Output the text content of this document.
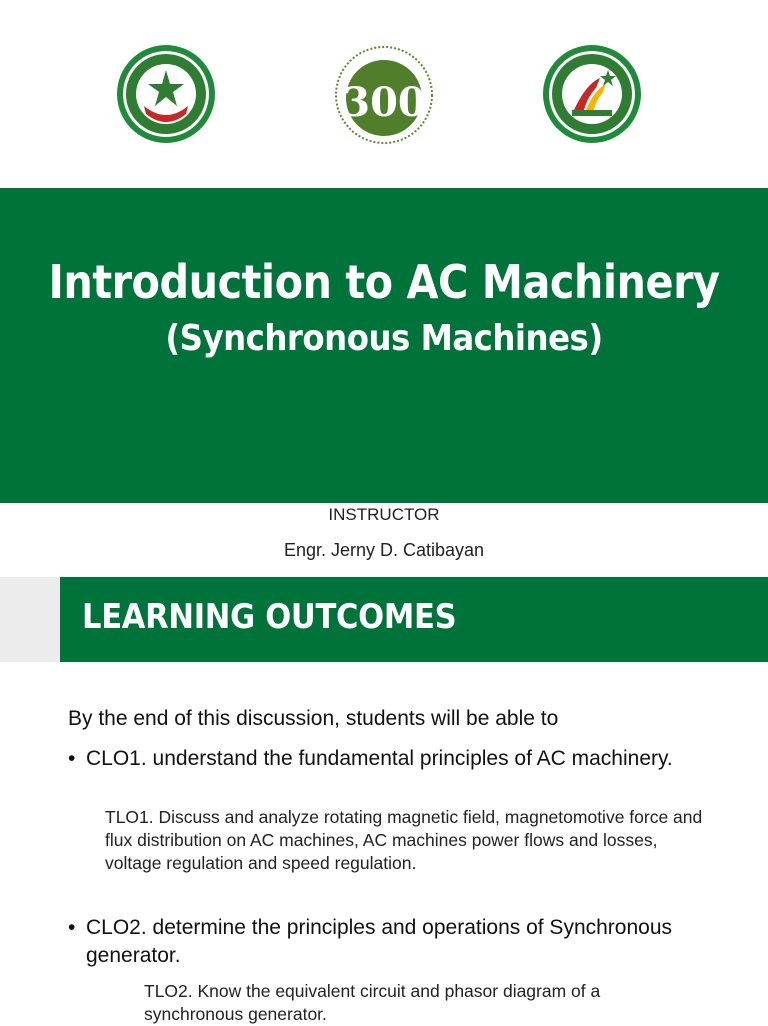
300
Introduction to AC Machinery
(Synchronous Machines)
INSTRUCTOR
Engr. Jerny D. Catibayan
LEARNING OUTCOMES
By the end of this discussion, students will be able to
• CLO1. understand the fundamental principles of AC machinery.
TLO1. Discuss and analyze rotating magnetic field, magnetomotive force and flux distribution on AC machines, AC machines power flows and losses, voltage regulation and speed regulation.
• CLO2. determine the principles and operations of Synchronous generator.
TLO2. Know the equivalent circuit and phasor diagram of a synchronous generator.
